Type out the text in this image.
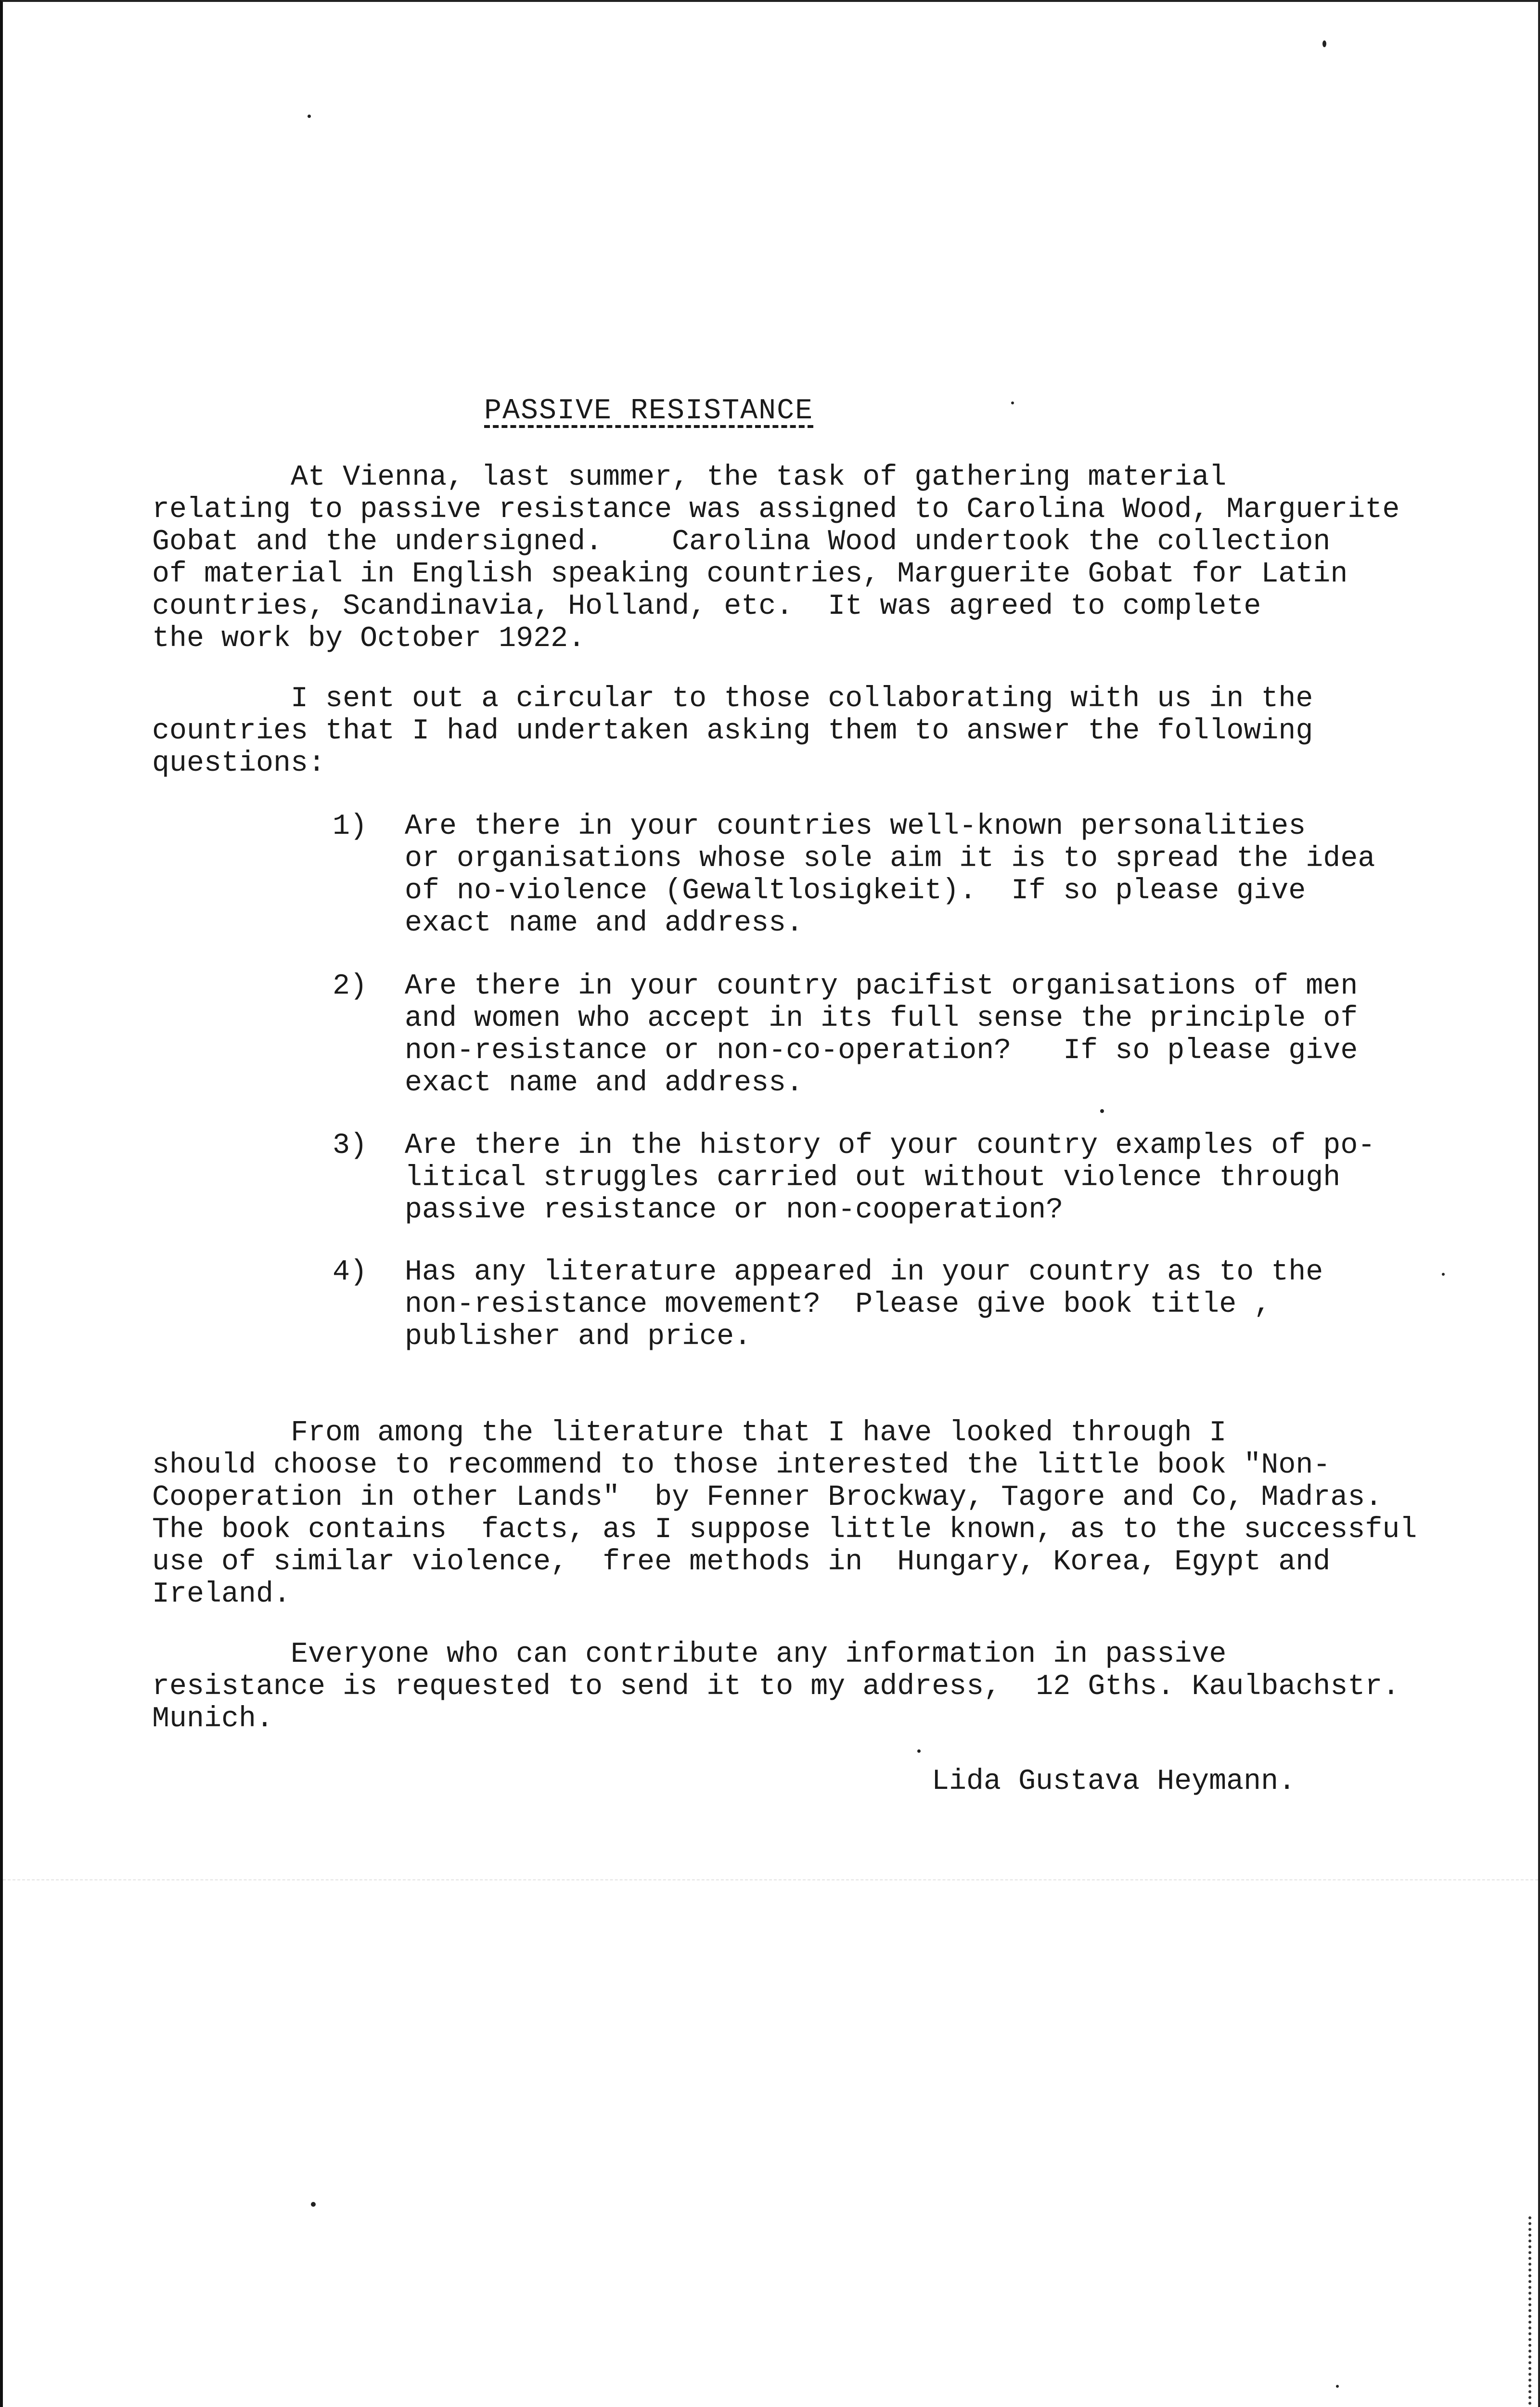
PASSIVE RESISTANCE
At Vienna, last summer, the task of gathering material
relating to passive resistance was assigned to Carolina Wood, Marguerite
Gobat and the undersigned.    Carolina Wood undertook the collection
of material in English speaking countries, Marguerite Gobat for Latin
countries, Scandinavia, Holland, etc.  It was agreed to complete
the work by October 1922.
I sent out a circular to those collaborating with us in the
countries that I had undertaken asking them to answer the following
questions:
1) Are there in your countries well-known personalities
or organisations whose sole aim it is to spread the idea
of no-violence (Gewaltlosigkeit).  If so please give
exact name and address.
2) Are there in your country pacifist organisations of men
and women who accept in its full sense the principle of
non-resistance or non-co-operation?   If so please give
exact name and address.
3) Are there in the history of your country examples of po-
litical struggles carried out without violence through
passive resistance or non-cooperation?
4) Has any literature appeared in your country as to the
non-resistance movement?  Please give book title ,
publisher and price.
From among the literature that I have looked through I
should choose to recommend to those interested the little book "Non-
Cooperation in other Lands"  by Fenner Brockway, Tagore and Co, Madras.
The book contains  facts, as I suppose little known, as to the successful
use of similar violence,  free methods in  Hungary, Korea, Egypt and
Ireland.
Everyone who can contribute any information in passive
resistance is requested to send it to my address,  12 Gths. Kaulbachstr.
Munich.
Lida Gustava Heymann.
